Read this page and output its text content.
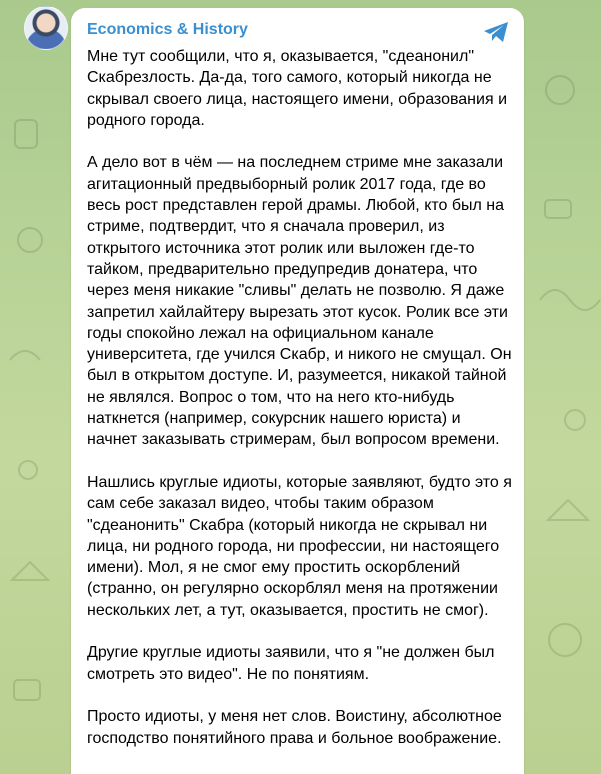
Economics & History

Мне тут сообщили, что я, оказывается, "сдеанонил" Скабрезлость. Да-да, того самого, который никогда не скрывал своего лица, настоящего имени, образования и родного города.

А дело вот в чём — на последнем стриме мне заказали агитационный предвыборный ролик 2017 года, где во весь рост представлен герой драмы. Любой, кто был на стриме, подтвердит, что я сначала проверил, из открытого источника этот ролик или выложен где-то тайком, предварительно предупредив донатера, что через меня никакие "сливы" делать не позволю. Я даже запретил хайлайтеру вырезать этот кусок. Ролик все эти годы спокойно лежал на официальном канале университета, где учился Скабр, и никого не смущал. Он был в открытом доступе. И, разумеется, никакой тайной не являлся. Вопрос о том, что на него кто-нибудь наткнется (например, сокурсник нашего юриста) и начнет заказывать стримерам, был вопросом времени.

Нашлись круглые идиоты, которые заявляют, будто это я сам себе заказал видео, чтобы таким образом "сдеанонить" Скабра (который никогда не скрывал ни лица, ни родного города, ни профессии, ни настоящего имени). Мол, я не смог ему простить оскорблений (странно, он регулярно оскорблял меня на протяжении нескольких лет, а тут, оказывается, простить не смог).

Другие круглые идиоты заявили, что я "не должен был смотреть это видео". Не по понятиям.

Просто идиоты, у меня нет слов. Воистину, абсолютное господство понятийного права и больное воображение.
